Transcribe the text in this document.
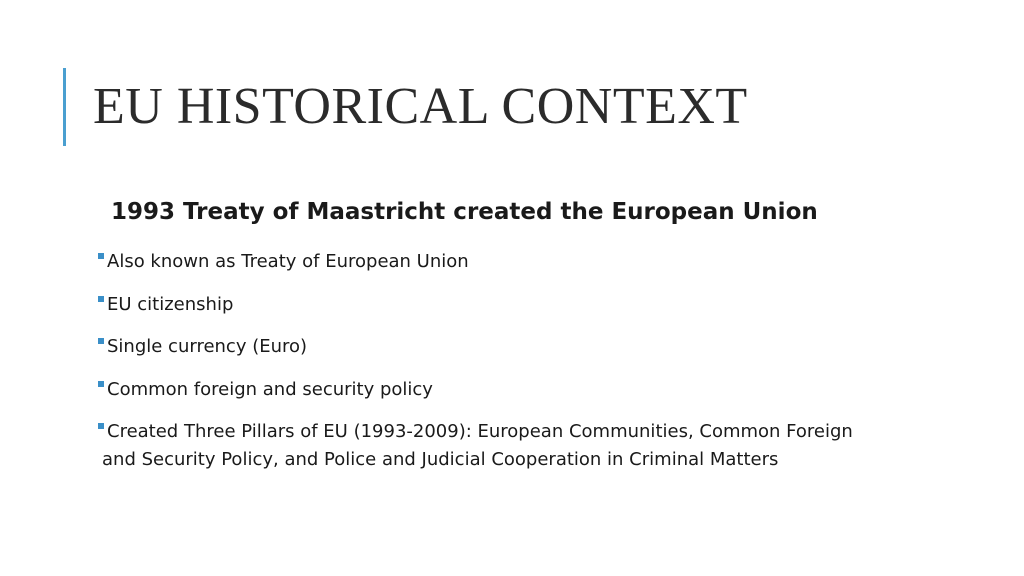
EU HISTORICAL CONTEXT
1993 Treaty of Maastricht created the European Union
Also known as Treaty of European Union
EU citizenship
Single currency (Euro)
Common foreign and security policy
Created Three Pillars of EU (1993-2009): European Communities, Common Foreign and Security Policy, and Police and Judicial Cooperation in Criminal Matters
